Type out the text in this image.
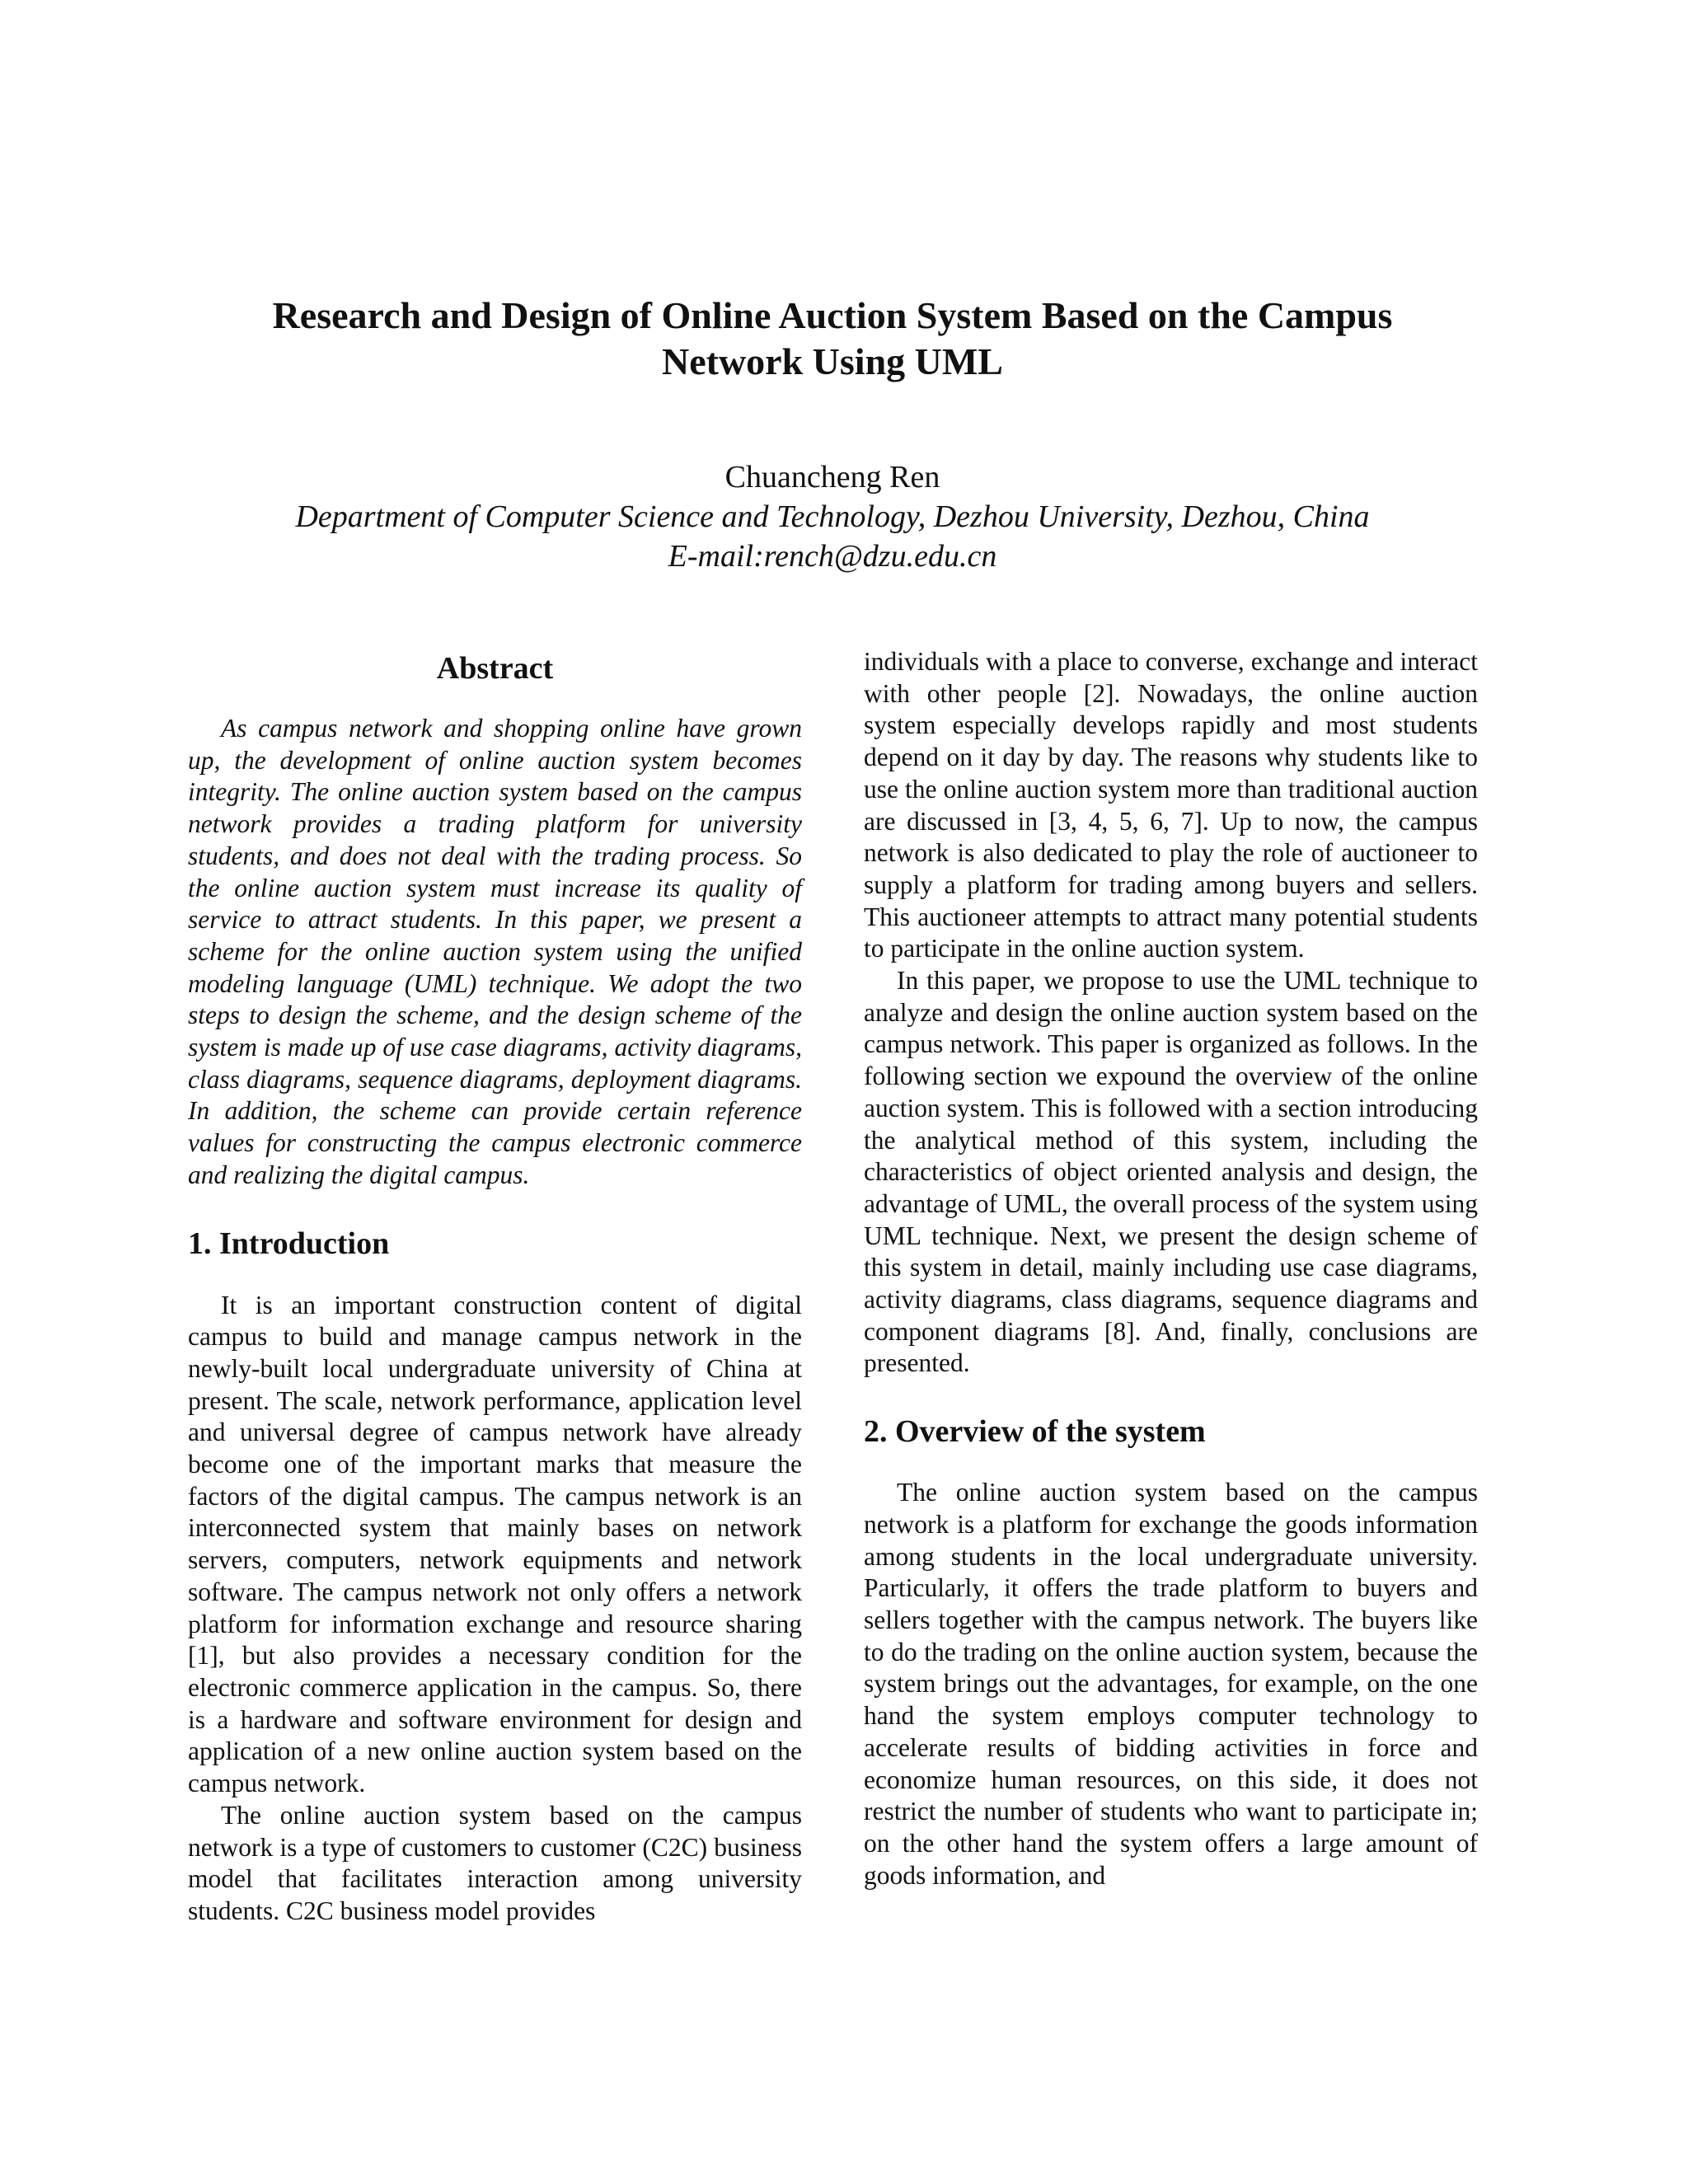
Research and Design of Online Auction System Based on the Campus
Network Using UML
Chuancheng Ren
Department of Computer Science and Technology, Dezhou University, Dezhou, China
E-mail:rench@dzu.edu.cn
Abstract

As campus network and shopping online have grown up, the development of online auction system becomes integrity. The online auction system based on the campus network provides a trading platform for university students, and does not deal with the trading process. So the online auction system must increase its quality of service to attract students. In this paper, we present a scheme for the online auction system using the unified modeling language (UML) technique. We adopt the two steps to design the scheme, and the design scheme of the system is made up of use case diagrams, activity diagrams, class diagrams, sequence diagrams, deployment diagrams. In addition, the scheme can provide certain reference values for constructing the campus electronic commerce and realizing the digital campus.

1. Introduction

It is an important construction content of digital campus to build and manage campus network in the newly-built local undergraduate university of China at present. The scale, network performance, application level and universal degree of campus network have already become one of the important marks that measure the factors of the digital campus. The campus network is an interconnected system that mainly bases on network servers, computers, network equipments and network software. The campus network not only offers a network platform for information exchange and resource sharing [1], but also provides a necessary condition for the electronic commerce application in the campus. So, there is a hardware and software environment for design and application of a new online auction system based on the campus network.

The online auction system based on the campus network is a type of customers to customer (C2C) business model that facilitates interaction among university students. C2C business model provides

individuals with a place to converse, exchange and interact with other people [2]. Nowadays, the online auction system especially develops rapidly and most students depend on it day by day. The reasons why students like to use the online auction system more than traditional auction are discussed in [3, 4, 5, 6, 7]. Up to now, the campus network is also dedicated to play the role of auctioneer to supply a platform for trading among buyers and sellers. This auctioneer attempts to attract many potential students to participate in the online auction system.

In this paper, we propose to use the UML technique to analyze and design the online auction system based on the campus network. This paper is organized as follows. In the following section we expound the overview of the online auction system. This is followed with a section introducing the analytical method of this system, including the characteristics of object oriented analysis and design, the advantage of UML, the overall process of the system using UML technique. Next, we present the design scheme of this system in detail, mainly including use case diagrams, activity diagrams, class diagrams, sequence diagrams and component diagrams [8]. And, finally, conclusions are presented.

2. Overview of the system

The online auction system based on the campus network is a platform for exchange the goods information among students in the local undergraduate university. Particularly, it offers the trade platform to buyers and sellers together with the campus network. The buyers like to do the trading on the online auction system, because the system brings out the advantages, for example, on the one hand the system employs computer technology to accelerate results of bidding activities in force and economize human resources, on this side, it does not restrict the number of students who want to participate in; on the other hand the system offers a large amount of goods information, and
